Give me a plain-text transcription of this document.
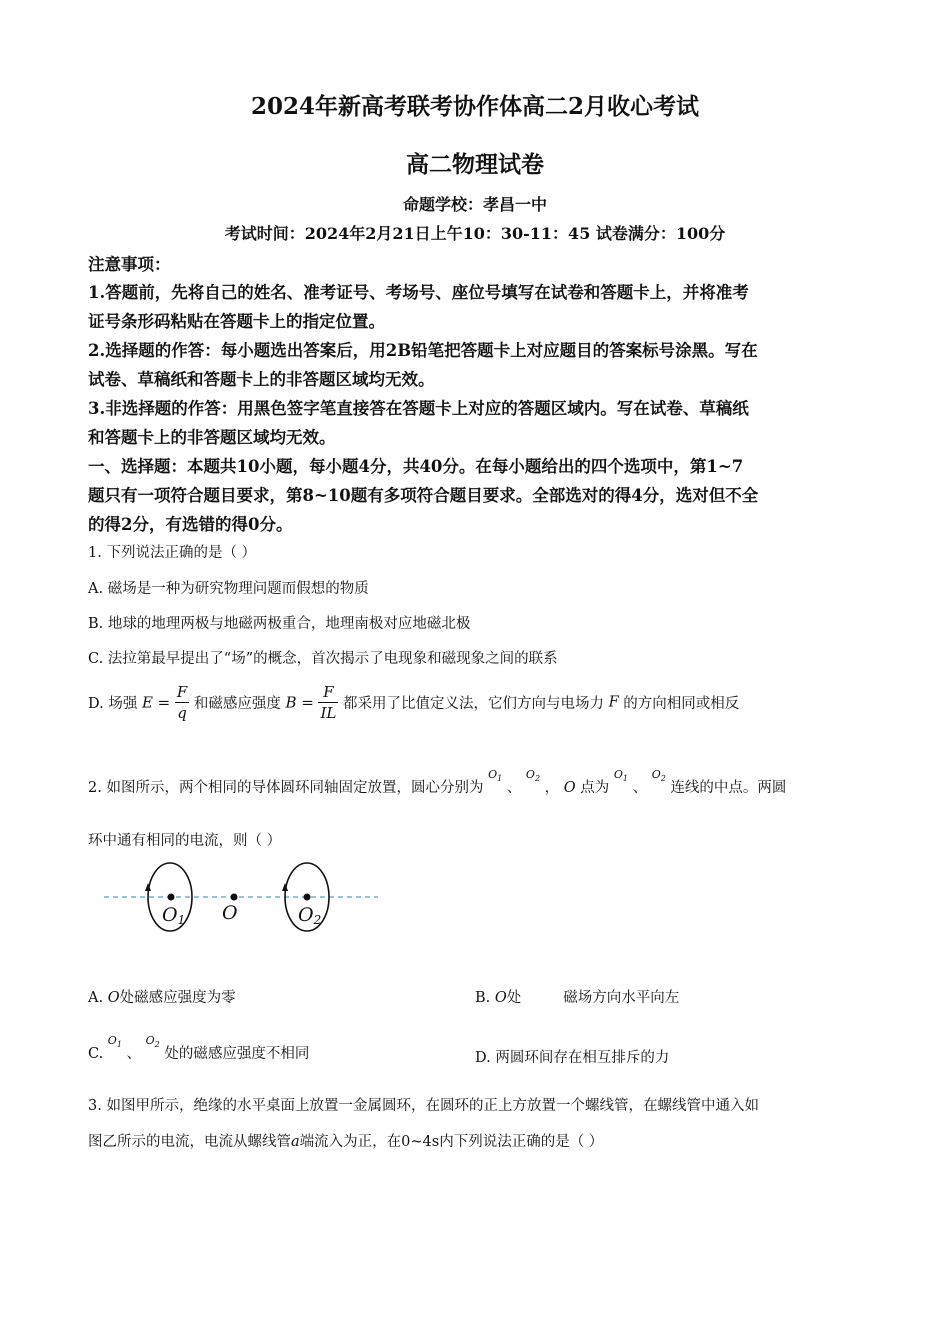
2024年新高考联考协作体高二2月收心考试
高二物理试卷
命题学校：孝昌一中
考试时间：2024年2月21日上午10：30-11：45 试卷满分：100分
注意事项：
1.答题前，先将自己的姓名、准考证号、考场号、座位号填写在试卷和答题卡上，并将准考
证号条形码粘贴在答题卡上的指定位置。
2.选择题的作答：每小题选出答案后，用2B铅笔把答题卡上对应题目的答案标号涂黑。写在
试卷、草稿纸和答题卡上的非答题区域均无效。
3.非选择题的作答：用黑色签字笔直接答在答题卡上对应的答题区域内。写在试卷、草稿纸
和答题卡上的非答题区域均无效。
一、选择题：本题共10小题，每小题4分，共40分。在每小题给出的四个选项中，第1~7
题只有一项符合题目要求，第8~10题有多项符合题目要求。全部选对的得4分，选对但不全
的得2分，有选错的得0分。
1. 下列说法正确的是（ ）
A. 磁场是一种为研究物理问题而假想的物质
B. 地球的地理两极与地磁两极重合，地理南极对应地磁北极
C. 法拉第最早提出了“场”的概念，首次揭示了电现象和磁现象之间的联系
D. 场强 $E = \frac{F}{q}$ 和磁感应强度 $B = \frac{F}{IL}$ 都采用了比值定义法，它们方向与电场力 F 的方向相同或相反
2. 如图所示，两个相同的导体圆环同轴固定放置，圆心分别为 $^{O_1}$ 、 $^{O_2}$ ， O 点为 $^{O_1}$ 、 $^{O_2}$ 连线的中点。两圆
环中通有相同的电流，则（ ）
O1 O	O2
A. O处磁感应强度为零	B. O处	磁场方向水平向左
C. $^{O_1}$ 、 $^{O_2}$ 处的磁感应强度不相同	D. 两圆环间存在相互排斥的力
3. 如图甲所示，绝缘的水平桌面上放置一金属圆环，在圆环的正上方放置一个螺线管，在螺线管中通入如
图乙所示的电流，电流从螺线管a端流入为正，在0~4s内下列说法正确的是（ ）
